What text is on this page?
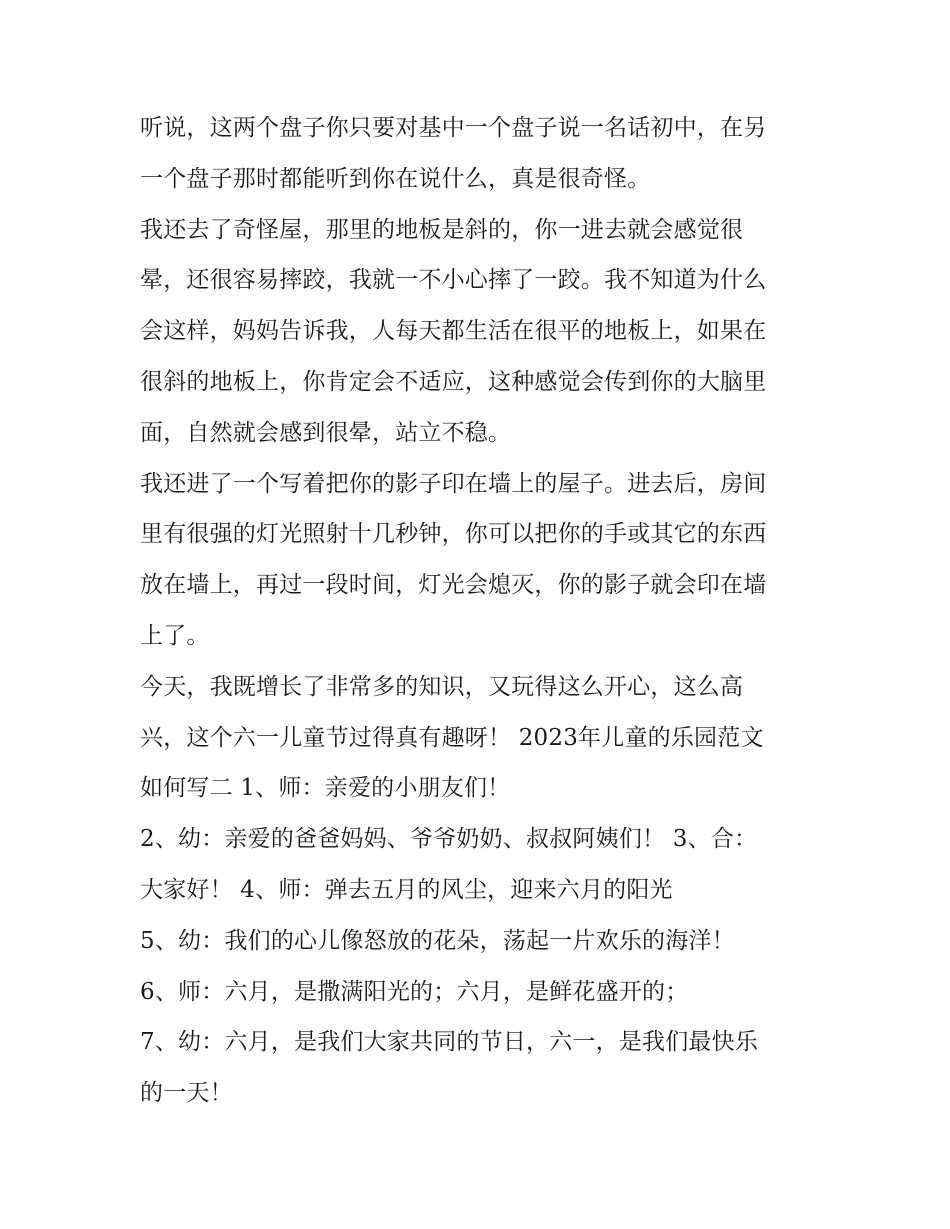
听说，这两个盘子你只要对基中一个盘子说一名话初中，在另
一个盘子那时都能听到你在说什么，真是很奇怪。
我还去了奇怪屋，那里的地板是斜的，你一进去就会感觉很
晕，还很容易摔跤，我就一不小心摔了一跤。我不知道为什么
会这样，妈妈告诉我，人每天都生活在很平的地板上，如果在
很斜的地板上，你肯定会不适应，这种感觉会传到你的大脑里
面，自然就会感到很晕，站立不稳。
我还进了一个写着把你的影子印在墙上的屋子。进去后，房间
里有很强的灯光照射十几秒钟，你可以把你的手或其它的东西
放在墙上，再过一段时间，灯光会熄灭，你的影子就会印在墙
上了。
今天，我既增长了非常多的知识，又玩得这么开心，这么高
兴，这个六一儿童节过得真有趣呀！ 2023年儿童的乐园范文
如何写二 1、师：亲爱的小朋友们！
2、幼：亲爱的爸爸妈妈、爷爷奶奶、叔叔阿姨们！ 3、合：
大家好！ 4、师：弹去五月的风尘，迎来六月的阳光
5、幼：我们的心儿像怒放的花朵，荡起一片欢乐的海洋！
6、师：六月，是撒满阳光的；六月，是鲜花盛开的；
7、幼：六月，是我们大家共同的节日，六一，是我们最快乐
的一天！
